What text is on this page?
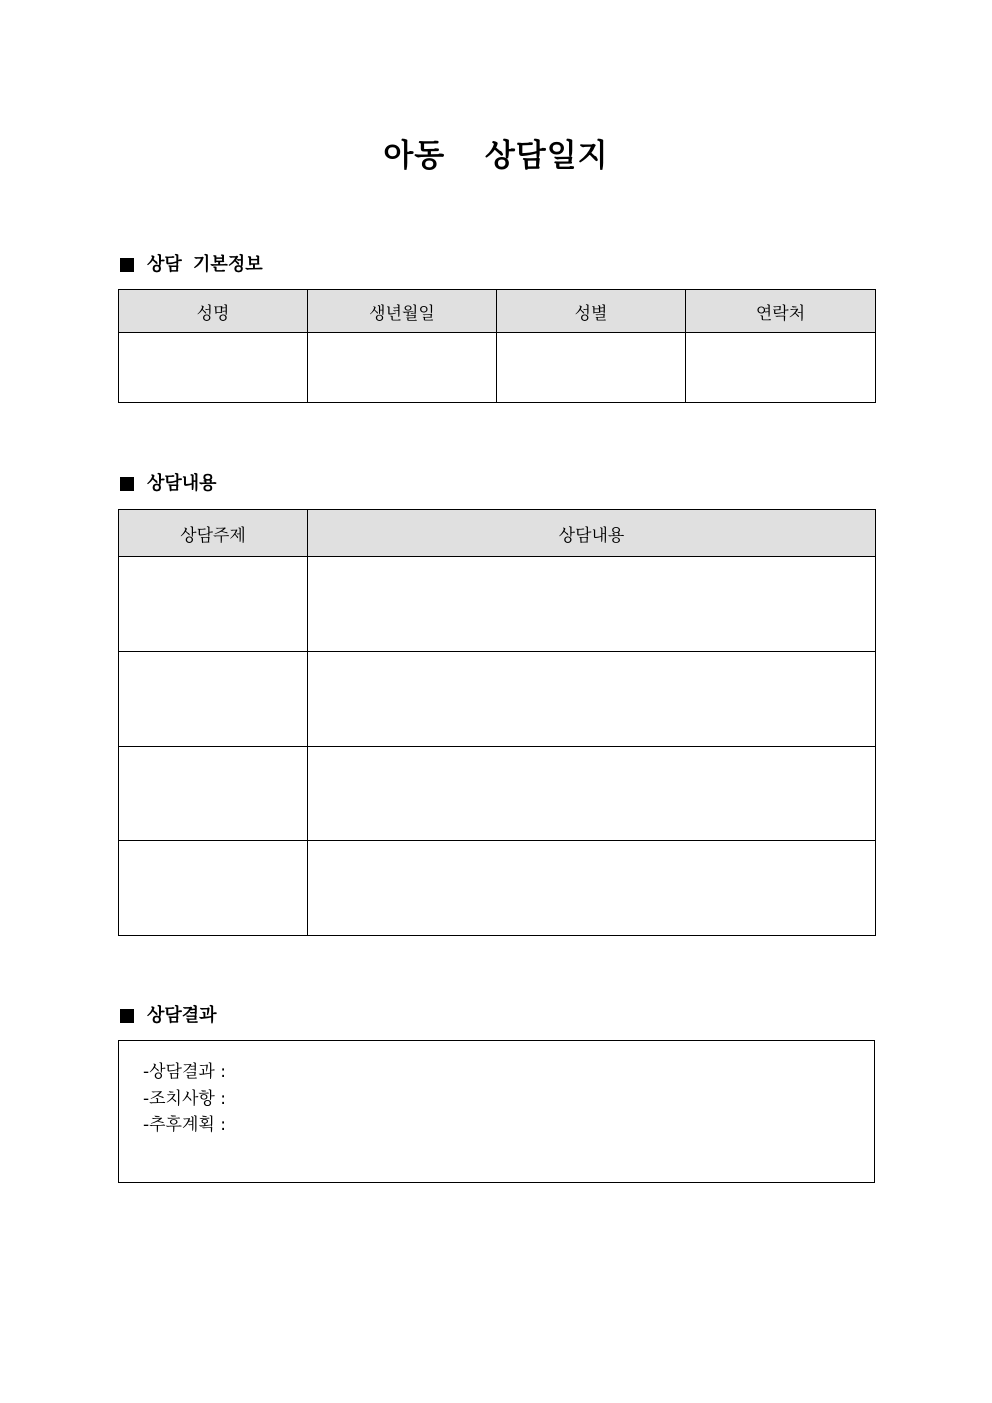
아동  상담일지
상담 기본정보
성명	생년월일	성별	연락처

상담내용
상담주제	상담내용

상담결과
-상담결과 :
-조치사항 :
-추후계획 :
